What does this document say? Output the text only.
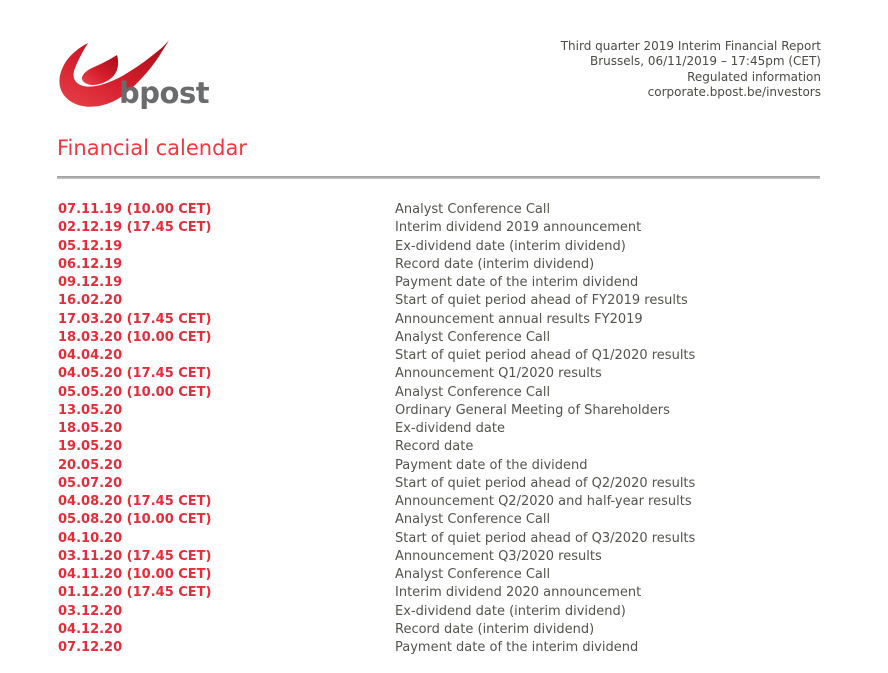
bpost
Third quarter 2019 Interim Financial Report
Brussels, 06/11/2019 – 17:45pm (CET)
Regulated information
corporate.bpost.be/investors
Financial calendar
07.11.19 (10.00 CET)	Analyst Conference Call
02.12.19 (17.45 CET)	Interim dividend 2019 announcement
05.12.19	Ex-dividend date (interim dividend)
06.12.19	Record date (interim dividend)
09.12.19	Payment date of the interim dividend
16.02.20	Start of quiet period ahead of FY2019 results
17.03.20 (17.45 CET)	Announcement annual results FY2019
18.03.20 (10.00 CET)	Analyst Conference Call
04.04.20	Start of quiet period ahead of Q1/2020 results
04.05.20 (17.45 CET)	Announcement Q1/2020 results
05.05.20 (10.00 CET)	Analyst Conference Call
13.05.20	Ordinary General Meeting of Shareholders
18.05.20	Ex-dividend date
19.05.20	Record date
20.05.20	Payment date of the dividend
05.07.20	Start of quiet period ahead of Q2/2020 results
04.08.20 (17.45 CET)	Announcement Q2/2020 and half-year results
05.08.20 (10.00 CET)	Analyst Conference Call
04.10.20	Start of quiet period ahead of Q3/2020 results
03.11.20 (17.45 CET)	Announcement Q3/2020 results
04.11.20 (10.00 CET)	Analyst Conference Call
01.12.20 (17.45 CET)	Interim dividend 2020 announcement
03.12.20	Ex-dividend date (interim dividend)
04.12.20	Record date (interim dividend)
07.12.20	Payment date of the interim dividend
